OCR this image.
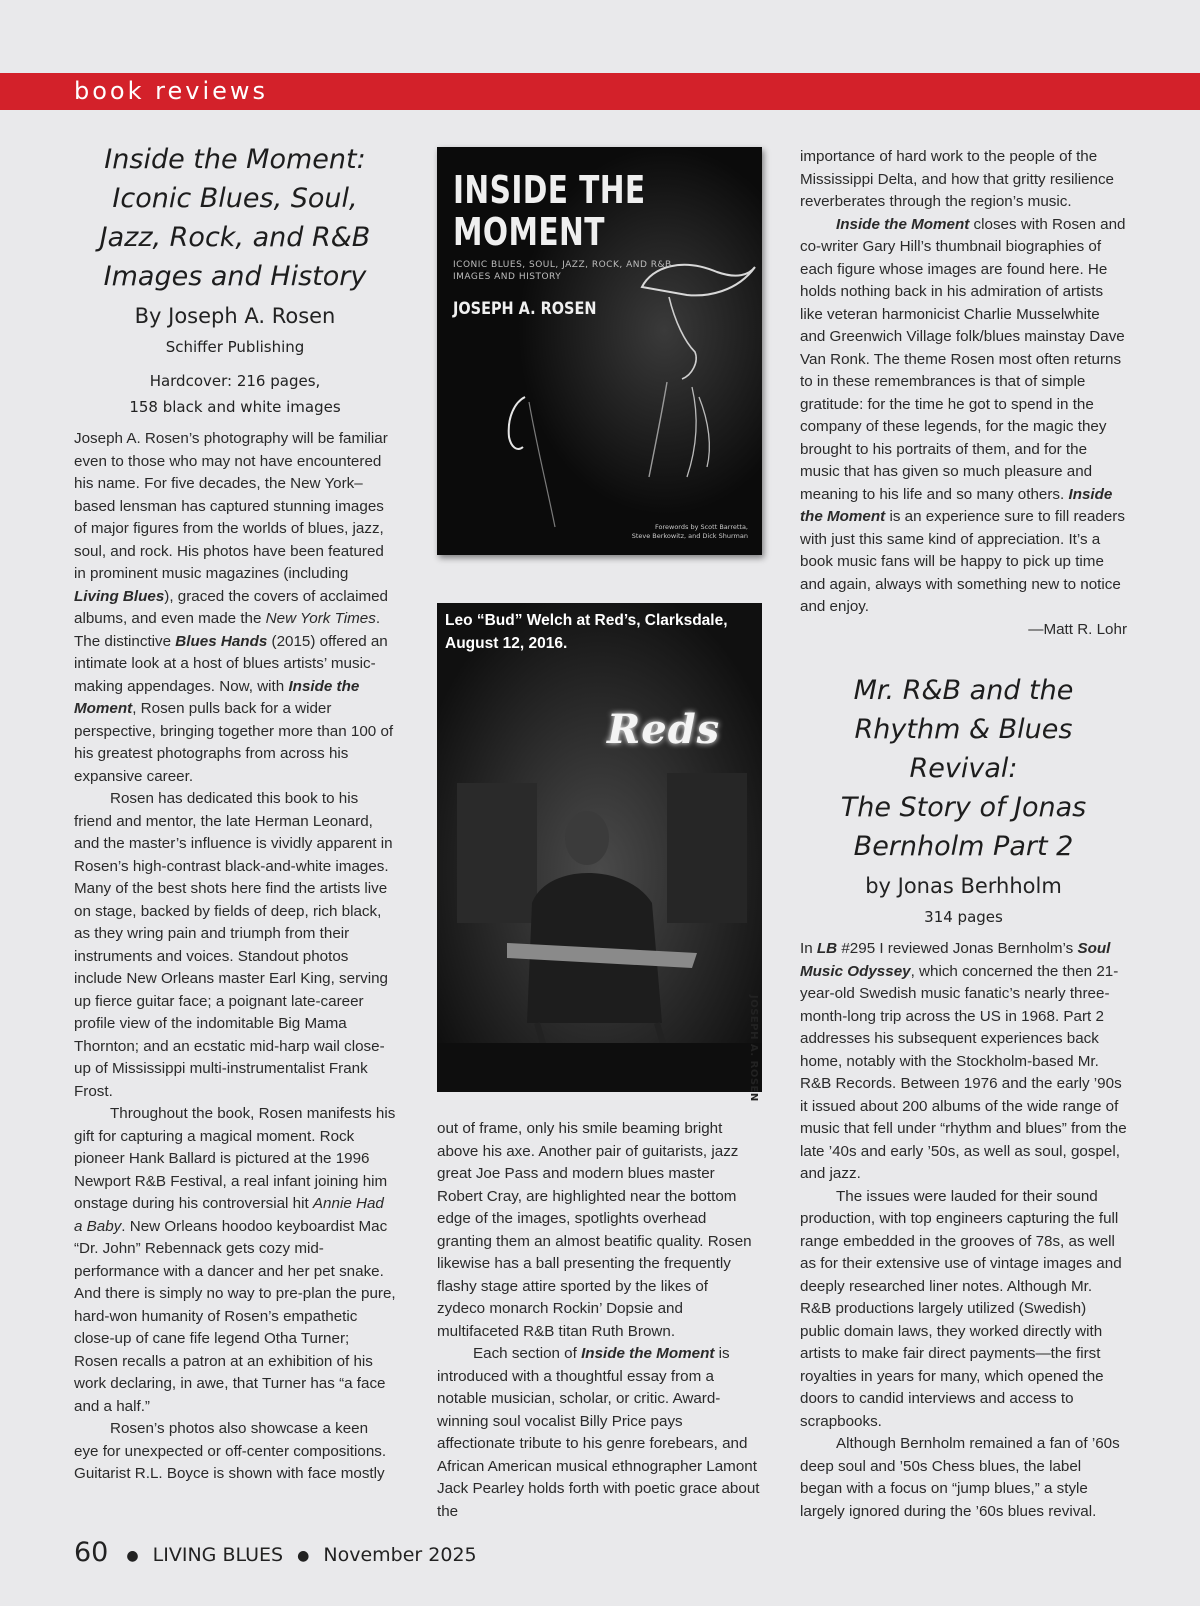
book reviews
Inside the Moment:
Iconic Blues, Soul,
Jazz, Rock, and R&B
Images and History
By Joseph A. Rosen
Schiffer Publishing
Hardcover: 216 pages,
158 black and white images

Joseph A. Rosen’s photography will be familiar even to those who may not have encountered his name. For five decades, the New York–based lensman has captured stunning images of major figures from the worlds of blues, jazz, soul, and rock. His photos have been featured in prominent music magazines (including Living Blues), graced the covers of acclaimed albums, and even made the New York Times. The distinctive Blues Hands (2015) offered an intimate look at a host of blues artists’ music-making appendages. Now, with Inside the Moment, Rosen pulls back for a wider perspective, bringing together more than 100 of his greatest photographs from across his expansive career.

Rosen has dedicated this book to his friend and mentor, the late Herman Leonard, and the master’s influence is vividly apparent in Rosen’s high-contrast black-and-white images. Many of the best shots here find the artists live on stage, backed by fields of deep, rich black, as they wring pain and triumph from their instruments and voices. Standout photos include New Orleans master Earl King, serving up fierce guitar face; a poignant late-career profile view of the indomitable Big Mama Thornton; and an ecstatic mid-harp wail close-up of Mississippi multi-instrumentalist Frank Frost.

Throughout the book, Rosen manifests his gift for capturing a magical moment. Rock pioneer Hank Ballard is pictured at the 1996 Newport R&B Festival, a real infant joining him onstage during his controversial hit Annie Had a Baby. New Orleans hoodoo keyboardist Mac “Dr. John” Rebennack gets cozy mid-performance with a dancer and her pet snake. And there is simply no way to pre-plan the pure, hard-won humanity of Rosen’s empathetic close-up of cane fife legend Otha Turner; Rosen recalls a patron at an exhibition of his work declaring, in awe, that Turner has “a face and a half.”

Rosen’s photos also showcase a keen eye for unexpected or off-center compositions. Guitarist R.L. Boyce is shown with face mostly

INSIDE THE
MOMENT
ICONIC BLUES, SOUL, JAZZ, ROCK, AND R&B IMAGES AND HISTORY
JOSEPH A. ROSEN
Forewords by Scott Barretta,
Steve Berkowitz, and Dick Shurman
Leo “Bud” Welch at Red’s, Clarksdale, August 12, 2016.
Reds
JOSEPH A. ROSEN

out of frame, only his smile beaming bright above his axe. Another pair of guitarists, jazz great Joe Pass and modern blues master Robert Cray, are highlighted near the bottom edge of the images, spotlights overhead granting them an almost beatific quality. Rosen likewise has a ball presenting the frequently flashy stage attire sported by the likes of zydeco monarch Rockin’ Dopsie and multifaceted R&B titan Ruth Brown.

Each section of Inside the Moment is introduced with a thoughtful essay from a notable musician, scholar, or critic. Award-winning soul vocalist Billy Price pays affectionate tribute to his genre forebears, and African American musical ethnographer Lamont Jack Pearley holds forth with poetic grace about the

importance of hard work to the people of the Mississippi Delta, and how that gritty resilience reverberates through the region’s music.

Inside the Moment closes with Rosen and co-writer Gary Hill’s thumbnail biographies of each figure whose images are found here. He holds nothing back in his admiration of artists like veteran harmonicist Charlie Musselwhite and Greenwich Village folk/blues mainstay Dave Van Ronk. The theme Rosen most often returns to in these remembrances is that of simple gratitude: for the time he got to spend in the company of these legends, for the magic they brought to his portraits of them, and for the music that has given so much pleasure and meaning to his life and so many others. Inside the Moment is an experience sure to fill readers with just this same kind of appreciation. It’s a book music fans will be happy to pick up time and again, always with something new to notice and enjoy.

—Matt R. Lohr

Mr. R&B and the
Rhythm & Blues Revival:
The Story of Jonas
Bernholm Part 2
by Jonas Berhholm
314 pages

In LB #295 I reviewed Jonas Bernholm’s Soul Music Odyssey, which concerned the then 21-year-old Swedish music fanatic’s nearly three-month-long trip across the US in 1968. Part 2 addresses his subsequent experiences back home, notably with the Stockholm-based Mr. R&B Records. Between 1976 and the early ’90s it issued about 200 albums of the wide range of music that fell under “rhythm and blues” from the late ’40s and early ’50s, as well as soul, gospel, and jazz.

The issues were lauded for their sound production, with top engineers capturing the full range embedded in the grooves of 78s, as well as for their extensive use of vintage images and deeply researched liner notes. Although Mr. R&B productions largely utilized (Swedish) public domain laws, they worked directly with artists to make fair direct payments—the first royalties in years for many, which opened the doors to candid interviews and access to scrapbooks.

Although Bernholm remained a fan of ’60s deep soul and ’50s Chess blues, the label began with a focus on “jump blues,” a style largely ignored during the ’60s blues revival.

60 ● LIVING BLUES ● November 2025
